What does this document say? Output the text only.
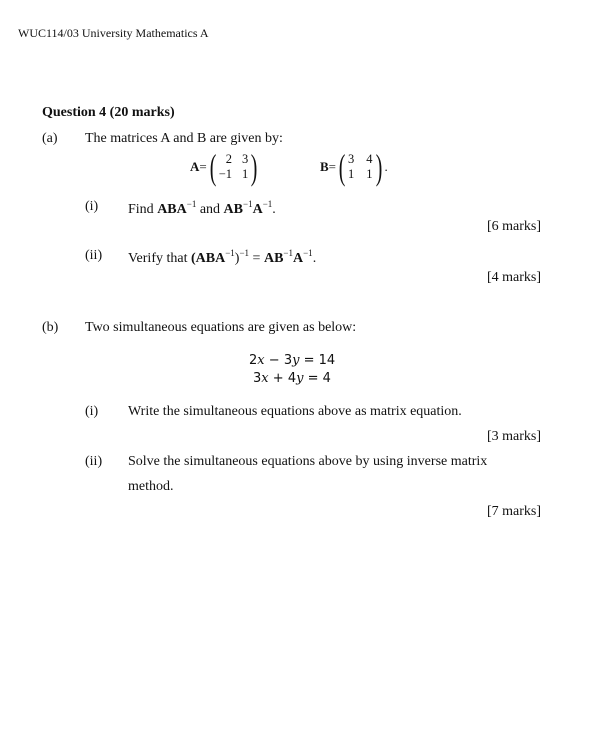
WUC114/03 University Mathematics A
Question 4 (20 marks)
(a) The matrices A and B are given by:
A = ( 2 3
−1 1 )	B = ( 3 4
1 1 ) .
(i) Find $ABA^{-1}$ and $AB^{-1}A^{-1}$.
[6 marks]
(ii) Verify that $(ABA^{-1})^{-1} = AB^{-1}A^{-1}$.
[4 marks]
(b) Two simultaneous equations are given as below:
2x − 3y = 14
3x + 4y = 4
(i) Write the simultaneous equations above as matrix equation.
[3 marks]
(ii) Solve the simultaneous equations above by using inverse matrix
method.
[7 marks]
